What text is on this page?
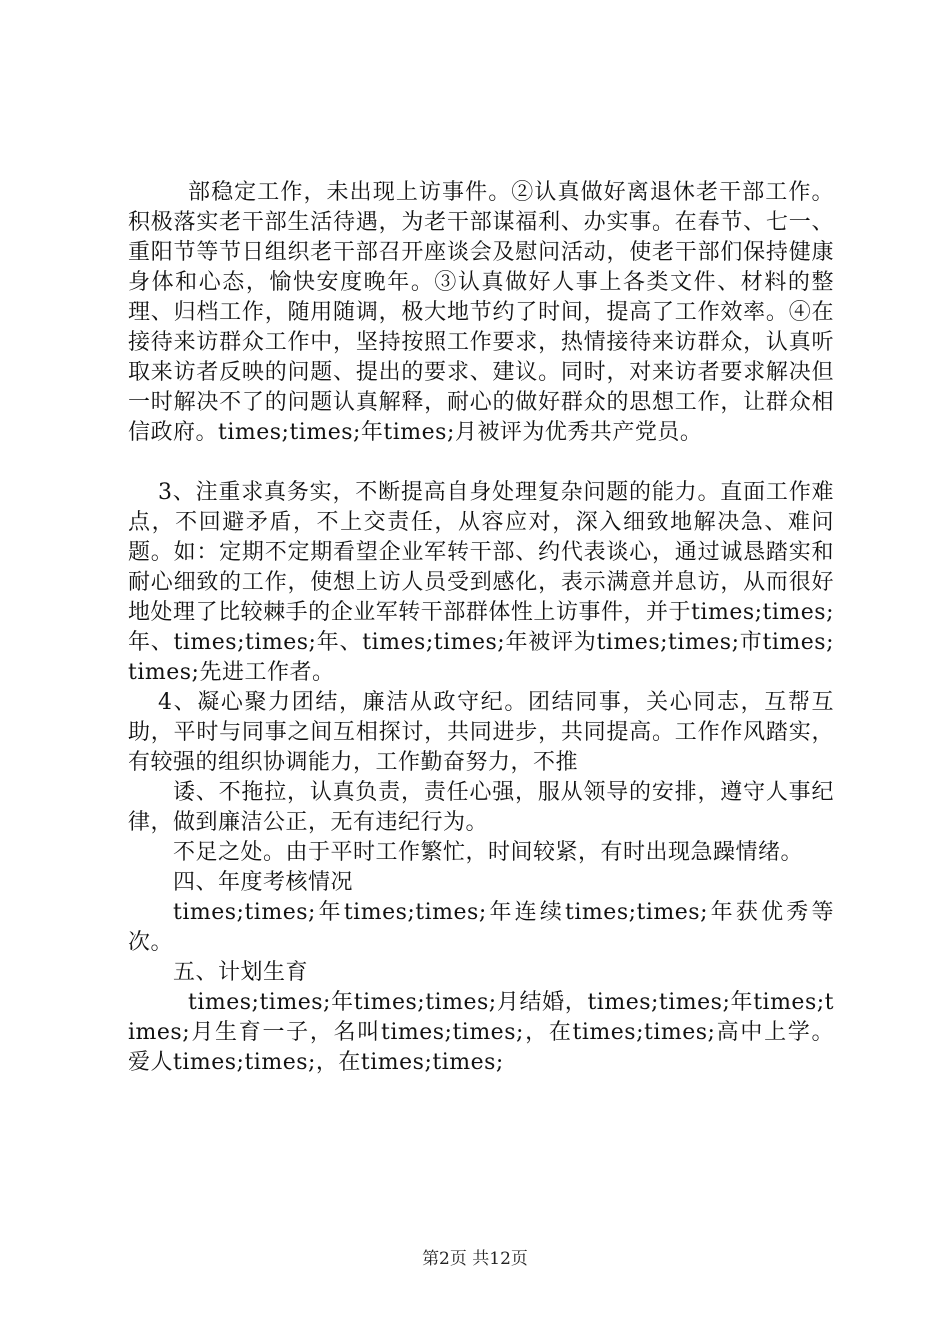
部稳定工作，未出现上访事件。②认真做好离退休老干部工作。积极落实老干部生活待遇，为老干部谋福利、办实事。在春节、七一、重阳节等节日组织老干部召开座谈会及慰问活动，使老干部们保持健康身体和心态，愉快安度晚年。③认真做好人事上各类文件、材料的整理、归档工作，随用随调，极大地节约了时间，提高了工作效率。④在接待来访群众工作中，坚持按照工作要求，热情接待来访群众，认真听取来访者反映的问题、提出的要求、建议。同时，对来访者要求解决但一时解决不了的问题认真解释，耐心的做好群众的思想工作，让群众相信政府。times;times;年times;月被评为优秀共产党员。

3、注重求真务实，不断提高自身处理复杂问题的能力。直面工作难点，不回避矛盾，不上交责任，从容应对，深入细致地解决急、难问题。如：定期不定期看望企业军转干部、约代表谈心，通过诚恳踏实和耐心细致的工作，使想上访人员受到感化，表示满意并息访，从而很好地处理了比较棘手的企业军转干部群体性上访事件，并于times;times;年、times;times;年、times;times;年被评为times;times;市times;times;先进工作者。

4、凝心聚力团结，廉洁从政守纪。团结同事，关心同志，互帮互助，平时与同事之间互相探讨，共同进步，共同提高。工作作风踏实，有较强的组织协调能力，工作勤奋努力，不推

诿、不拖拉，认真负责，责任心强，服从领导的安排，遵守人事纪律，做到廉洁公正，无有违纪行为。

不足之处。由于平时工作繁忙，时间较紧，有时出现急躁情绪。

四、年度考核情况

times;times;年times;times;年连续times;times;年获优秀等次。

五、计划生育

times;times;年times;times;月结婚，times;times;年times;times;月生育一子，名叫times;times;，在times;times;高中上学。爱人times;times;，在times;times;

第2页 共12页
